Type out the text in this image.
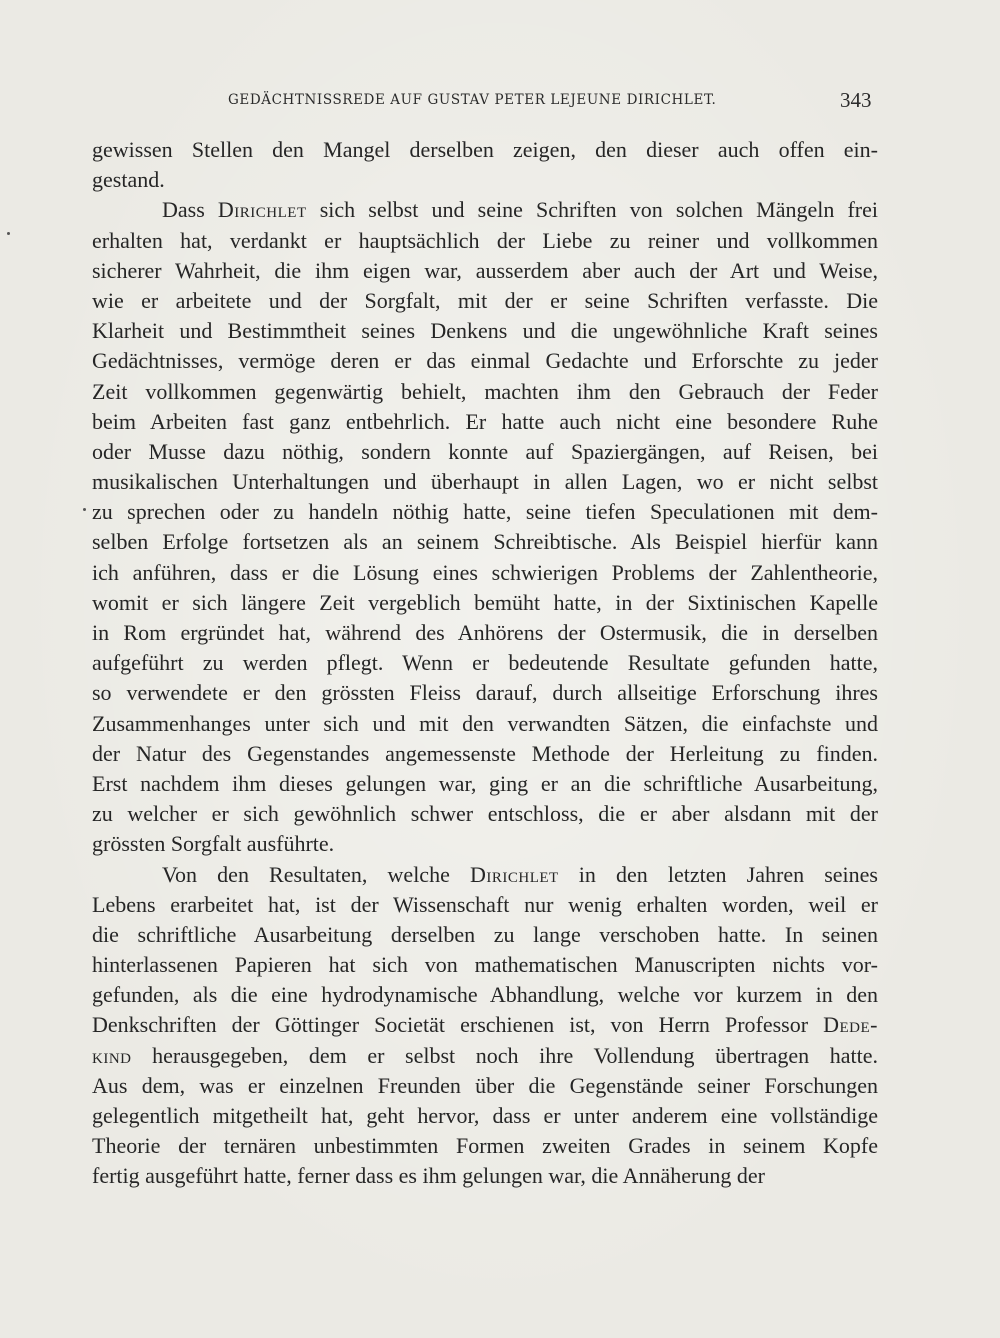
GEDÄCHTNISSREDE AUF GUSTAV PETER LEJEUNE DIRICHLET.	343
gewissen Stellen den Mangel derselben zeigen, den dieser auch offen ein-
gestand.
Dass Dirichlet sich selbst und seine Schriften von solchen Mängeln frei
erhalten hat, verdankt er hauptsächlich der Liebe zu reiner und vollkommen
sicherer Wahrheit, die ihm eigen war, ausserdem aber auch der Art und Weise,
wie er arbeitete und der Sorgfalt, mit der er seine Schriften verfasste. Die
Klarheit und Bestimmtheit seines Denkens und die ungewöhnliche Kraft seines
Gedächtnisses, vermöge deren er das einmal Gedachte und Erforschte zu jeder
Zeit vollkommen gegenwärtig behielt, machten ihm den Gebrauch der Feder
beim Arbeiten fast ganz entbehrlich. Er hatte auch nicht eine besondere Ruhe
oder Musse dazu nöthig, sondern konnte auf Spaziergängen, auf Reisen, bei
musikalischen Unterhaltungen und überhaupt in allen Lagen, wo er nicht selbst
zu sprechen oder zu handeln nöthig hatte, seine tiefen Speculationen mit dem-
selben Erfolge fortsetzen als an seinem Schreibtische. Als Beispiel hierfür kann
ich anführen, dass er die Lösung eines schwierigen Problems der Zahlentheorie,
womit er sich längere Zeit vergeblich bemüht hatte, in der Sixtinischen Kapelle
in Rom ergründet hat, während des Anhörens der Ostermusik, die in derselben
aufgeführt zu werden pflegt. Wenn er bedeutende Resultate gefunden hatte,
so verwendete er den grössten Fleiss darauf, durch allseitige Erforschung ihres
Zusammenhanges unter sich und mit den verwandten Sätzen, die einfachste und
der Natur des Gegenstandes angemessenste Methode der Herleitung zu finden.
Erst nachdem ihm dieses gelungen war, ging er an die schriftliche Ausarbeitung,
zu welcher er sich gewöhnlich schwer entschloss, die er aber alsdann mit der
grössten Sorgfalt ausführte.
Von den Resultaten, welche Dirichlet in den letzten Jahren seines
Lebens erarbeitet hat, ist der Wissenschaft nur wenig erhalten worden, weil er
die schriftliche Ausarbeitung derselben zu lange verschoben hatte. In seinen
hinterlassenen Papieren hat sich von mathematischen Manuscripten nichts vor-
gefunden, als die eine hydrodynamische Abhandlung, welche vor kurzem in den
Denkschriften der Göttinger Societät erschienen ist, von Herrn Professor Dede-
kind herausgegeben, dem er selbst noch ihre Vollendung übertragen hatte.
Aus dem, was er einzelnen Freunden über die Gegenstände seiner Forschungen
gelegentlich mitgetheilt hat, geht hervor, dass er unter anderem eine vollständige
Theorie der ternären unbestimmten Formen zweiten Grades in seinem Kopfe
fertig ausgeführt hatte, ferner dass es ihm gelungen war, die Annäherung der
